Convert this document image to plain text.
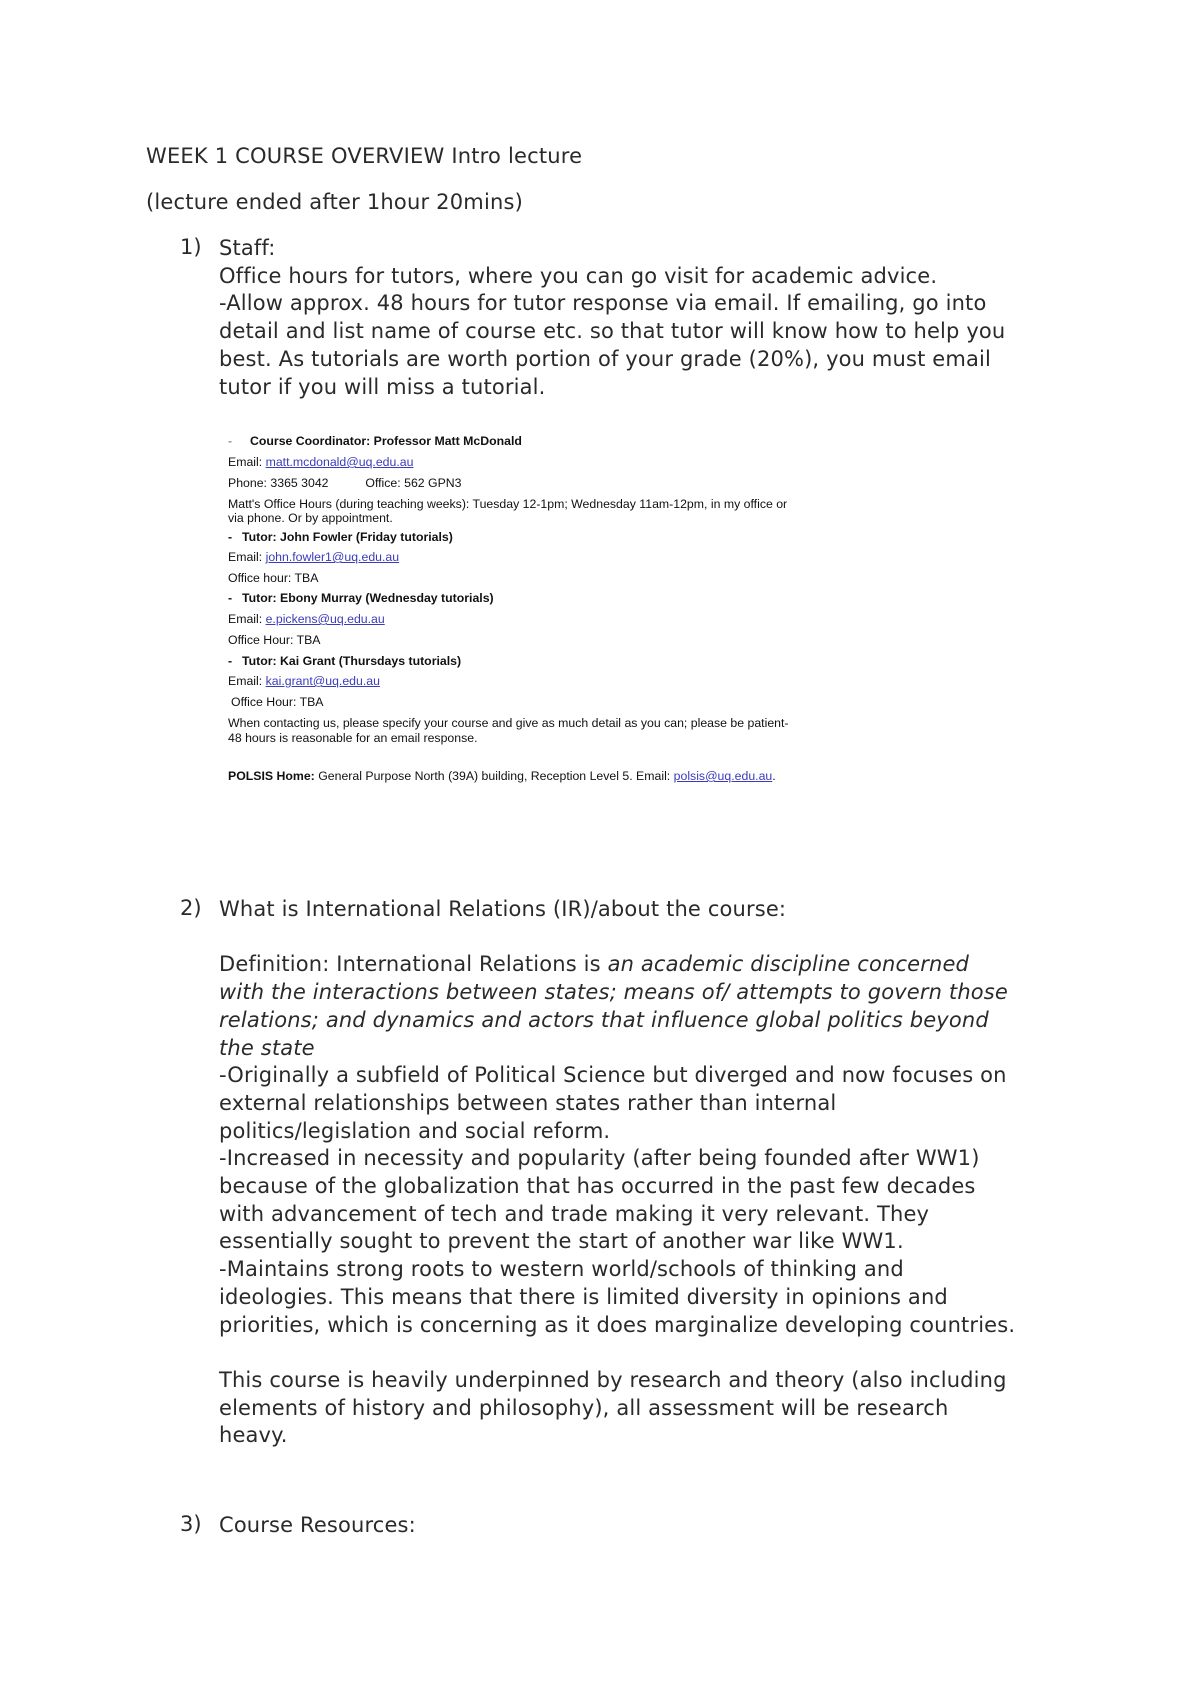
WEEK 1 COURSE OVERVIEW Intro lecture
(lecture ended after 1hour 20mins)
1) Staff:

Office hours for tutors, where you can go visit for academic advice.

-Allow approx. 48 hours for tutor response via email. If emailing, go into

detail and list name of course etc. so that tutor will know how to help you

best. As tutorials are worth portion of your grade (20%), you must email

tutor if you will miss a tutorial.

- Course Coordinator: Professor Matt McDonald
Email: matt.mcdonald@uq.edu.au
Phone: 3365 3042	Office: 562 GPN3
Matt's Office Hours (during teaching weeks): Tuesday 12-1pm; Wednesday 11am-12pm, in my office or
via phone. Or by appointment.
- Tutor: John Fowler (Friday tutorials)
Email: john.fowler1@uq.edu.au
Office hour: TBA
- Tutor: Ebony Murray (Wednesday tutorials)
Email: e.pickens@uq.edu.au
Office Hour: TBA
- Tutor: Kai Grant (Thursdays tutorials)
Email: kai.grant@uq.edu.au
Office Hour: TBA
When contacting us, please specify your course and give as much detail as you can; please be patient-
48 hours is reasonable for an email response.
POLSIS Home: General Purpose North (39A) building, Reception Level 5. Email: polsis@uq.edu.au.
2) What is International Relations (IR)/about the course:

Definition: International Relations is an academic discipline concerned

with the interactions between states; means of/ attempts to govern those

relations; and dynamics and actors that influence global politics beyond

the state

-Originally a subfield of Political Science but diverged and now focuses on

external relationships between states rather than internal

politics/legislation and social reform.

-Increased in necessity and popularity (after being founded after WW1)

because of the globalization that has occurred in the past few decades

with advancement of tech and trade making it very relevant. They

essentially sought to prevent the start of another war like WW1.

-Maintains strong roots to western world/schools of thinking and

ideologies. This means that there is limited diversity in opinions and

priorities, which is concerning as it does marginalize developing countries.

This course is heavily underpinned by research and theory (also including

elements of history and philosophy), all assessment will be research

heavy.

3) Course Resources:
